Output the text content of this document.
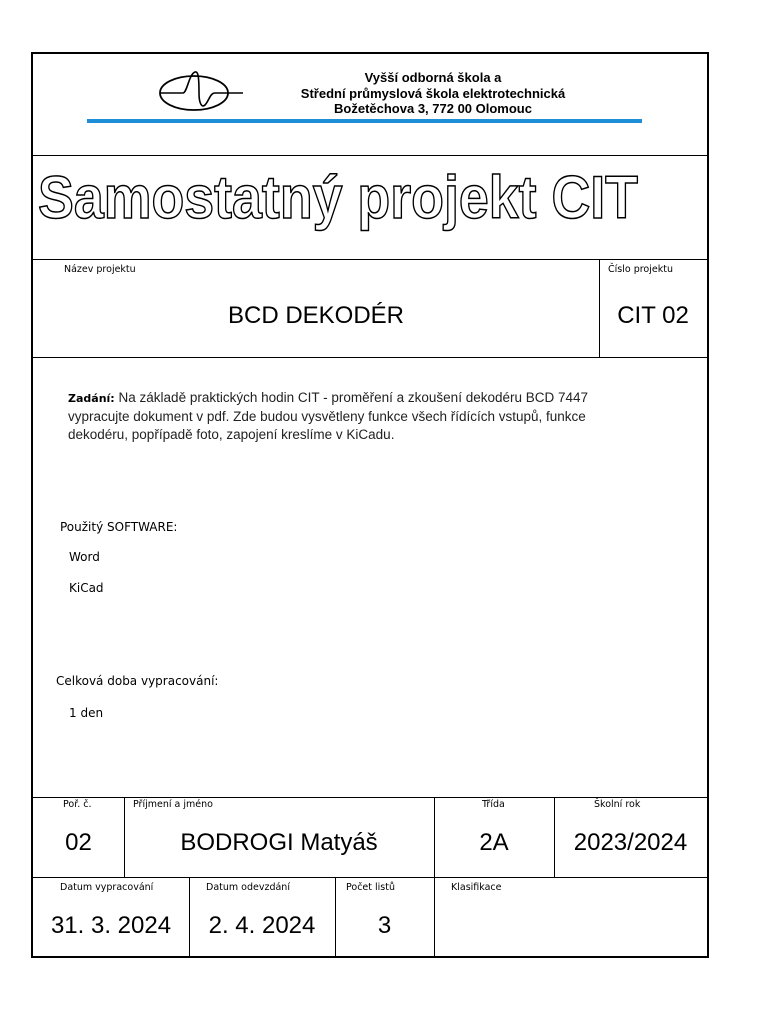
Vyšší odborná škola a
Střední průmyslová škola elektrotechnická
Božetěchova 3, 772 00 Olomouc
Samostatný projekt CIT
Název projektu	Číslo projektu
BCD DEKODÉR	CIT 02
Zadání: Na základě praktických hodin CIT - proměření a zkoušení dekodéru BCD 7447
vypracujte dokument v pdf. Zde budou vysvětleny funkce všech řídících vstupů, funkce
dekodéru, popřípadě foto, zapojení kreslíme v KiCadu.
Použitý SOFTWARE:
Word
KiCad
Celková doba vypracování:
1 den
Poř. č.	Příjmení a jméno	Třída	Školní rok
02	BODROGI Matyáš	2A	2023/2024
Datum vypracování	Datum odevzdání	Počet listů	Klasifikace
31. 3. 2024	2. 4. 2024	3
